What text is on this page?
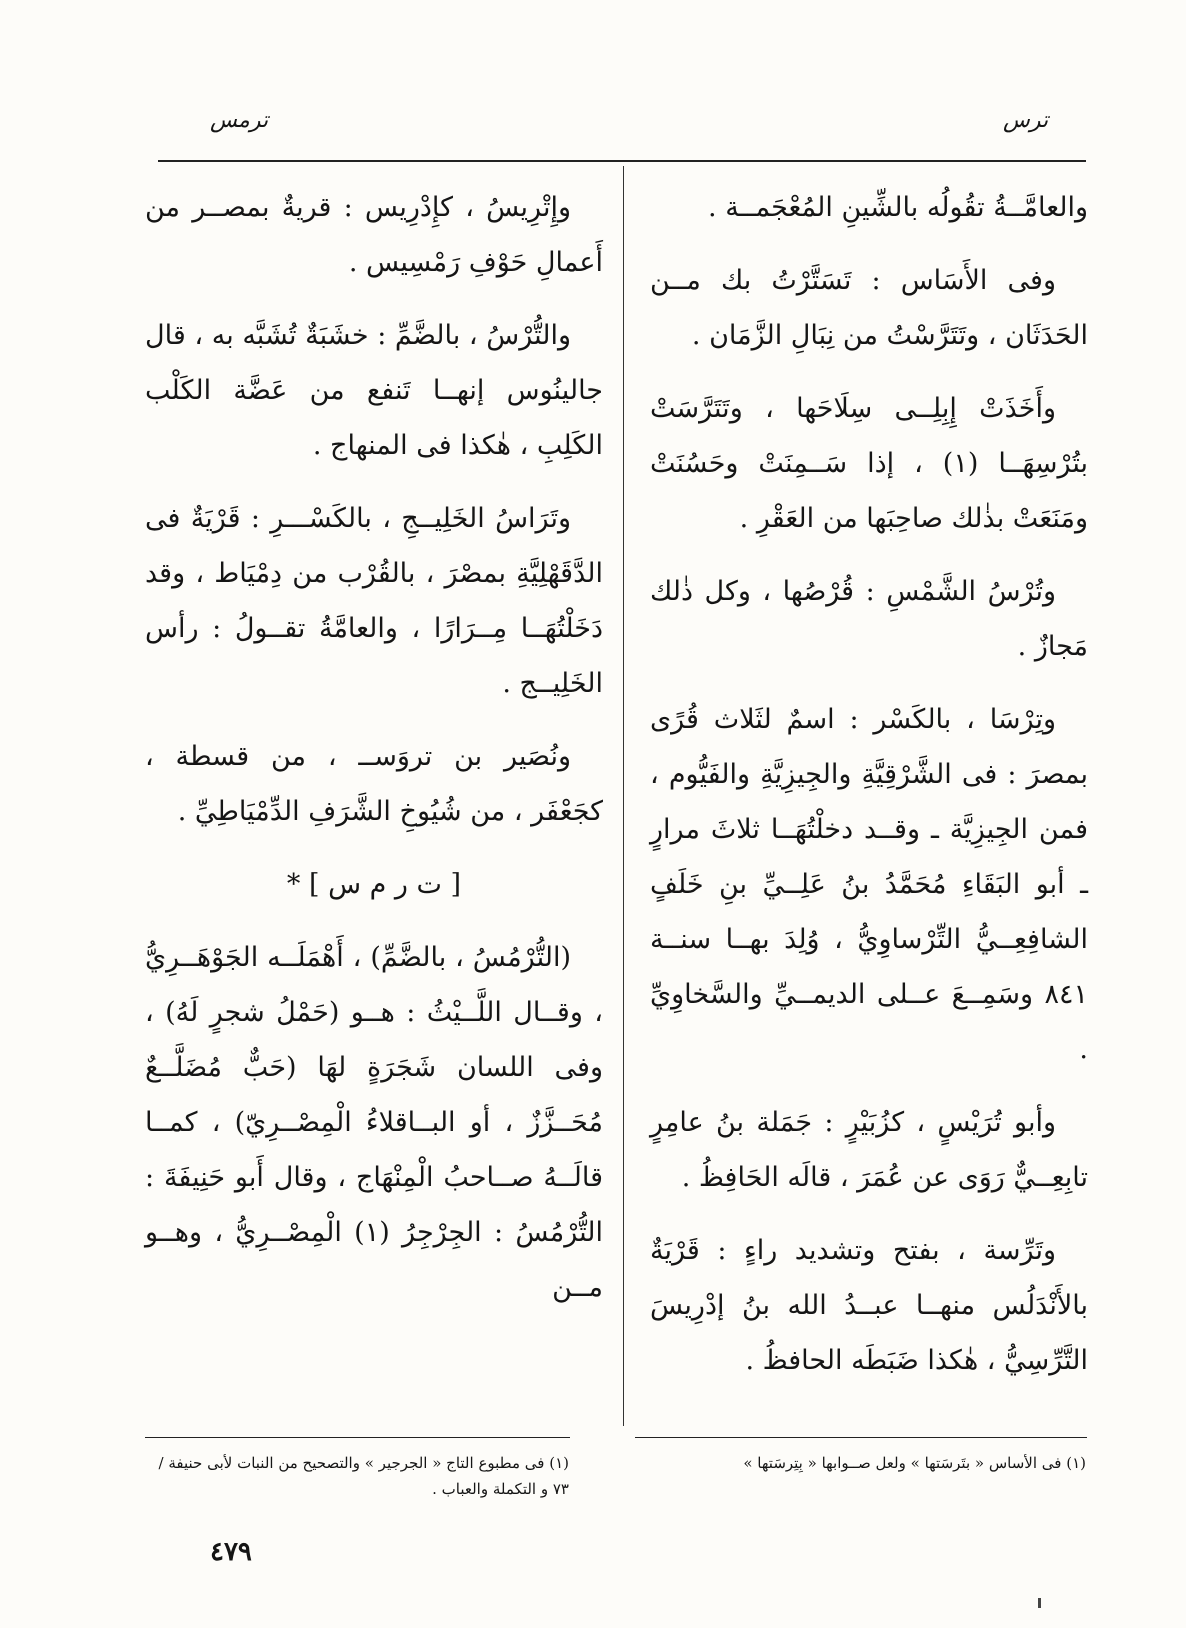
ترس
ترمس

والعامَّــةُ تقُولُه بالشِّينِ المُعْجَمــة .

وفى الأَسَاس : تَسَتَّرْتُ بك مــن الحَدَثَان ، وتَتَرَّسْتُ من نِبَالِ الزَّمَان .

وأَخَذَتْ إِبِلِــى سِلَاحَها ، وتَتَرَّسَتْ بتُرْسِهَــا (١) ، إذا سَــمِنَتْ وحَسُنَتْ ومَنَعَتْ بذٰلك صاحِبَها من العَقْرِ .

وتُرْسُ الشَّمْسِ : قُرْصُها ، وكل ذٰلك مَجازٌ .

وتِرْسَا ، بالكَسْر : اسمٌ لثَلاث قُرًى بمصرَ : فى الشَّرْقِيَّةِ والجِيزِيَّةِ والفَيُّوم ، فمن الجِيزِيَّة ـ وقــد دخلْتُهَــا ثلاثَ مرارٍ ـ أبو البَقَاءِ مُحَمَّدُ بنُ عَلِــيِّ بنِ خَلَفٍ الشافِعِــيُّ التِّرْساوِيُّ ، وُلِدَ بهــا سنــة ٨٤١ وسَمِــعَ عــلى الديمــيِّ والسَّخاوِيِّ .

وأبو تُرَيْسٍ ، كزُبَيْرٍ : جَمَلة بنُ عامِرٍ تابِعِــيٌّ رَوَى عن عُمَرَ ، قالَه الحَافِظُ .

وتَرِّسة ، بفتح وتشديد راءٍ : قَرْيَةٌ بالأَنْدَلُس منهــا عبــدُ الله بنُ إدْرِيسَ التَّرِّسِيُّ ، هٰكذا ضَبَطَه الحافظُ .

وإِتْرِيسُ ، كإِدْرِيس : قريةٌ بمصــر من أَعمالِ حَوْفِ رَمْسِيس .

والتُّرْسُ ، بالضَّمِّ : خشَبَةٌ تُشَبَّه به ، قال جالينُوس إنهــا تَنفع من عَضَّة الكَلْب الكَلِبِ ، هٰكذا فى المنهاج .

وتَرَاسُ الخَلِيــجِ ، بالكَسْـــرِ : قَرْيَةٌ فى الدَّقَهْلِيَّةِ بمصْرَ ، بالقُرْب من دِمْيَاط ، وقد دَخَلْتُهَــا مِــرَارًا ، والعامَّةُ تقــولُ : رأس الخَلِيــج .

ونُصَير بن تروَســ ، من قسطة ، كجَعْفَر ، من شُيُوخِ الشَّرَفِ الدِّمْيَاطِيِّ .

[ ت ر م س ] *

(التُّرْمُسُ ، بالضَّمِّ) ، أَهْمَلَــه الجَوْهَــرِيُّ ، وقــال اللَّــيْثُ : هــو (حَمْلُ شجرٍ لَهُ) ، وفى اللسان شَجَرَةٍ لهَا (حَبٌّ مُضَلَّــعٌ مُحَــزَّزٌ ، أو البــاقلاءُ الْمِصْــرِيّ) ، كمــا قالَــهُ صــاحبُ الْمِنْهَاج ، وقال أَبو حَنِيفَةَ : التُّرْمُسُ : الجِرْجِرُ (١) الْمِصْــرِيُّ ، وهــو مــن

(١) فى الأساس « بتَرسَتها » ولعل صــوابها « بِتِرسَتها »
(١) فى مطبوع التاج « الجرجير » والتصحيح من النبات لأبى حنيفة / ٧٣ و التكملة والعباب .
٤٧٩
